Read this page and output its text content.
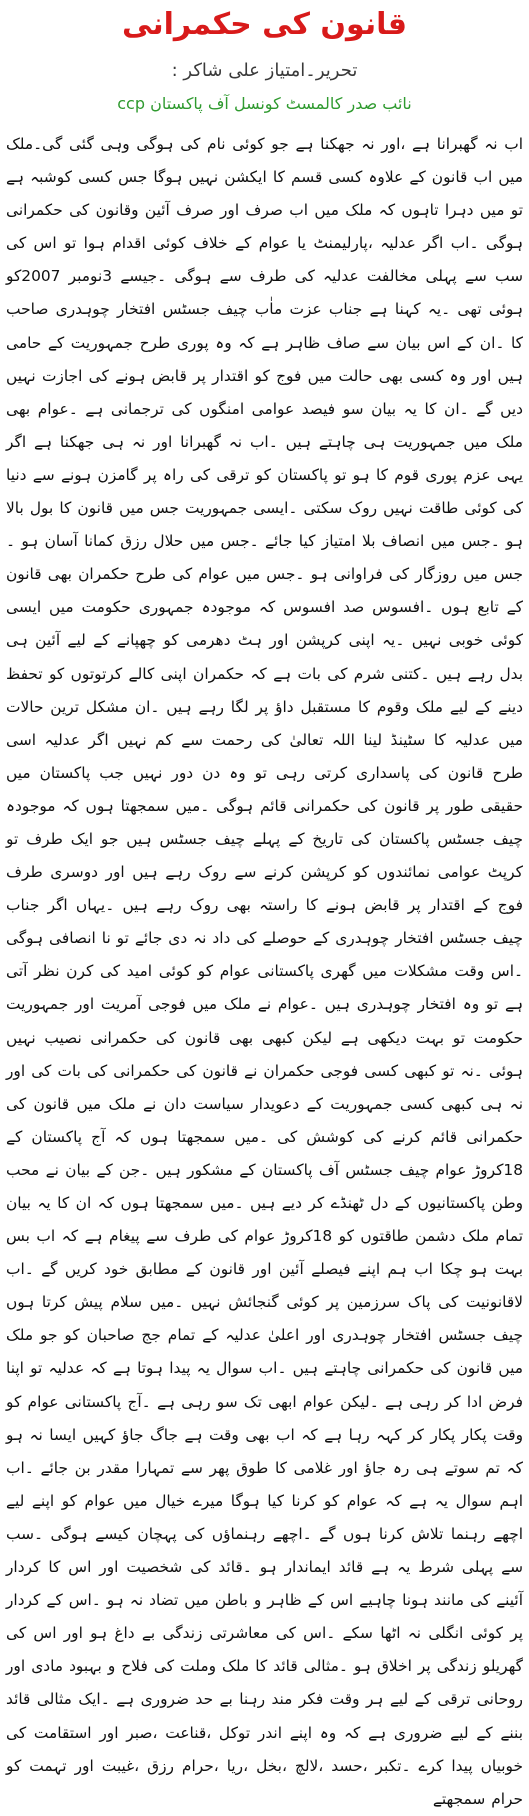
قانون کی حکمرانی
تحریر۔امتیاز علی شاکر :
نائب صدر کالمسٹ کونسل آف پاکستان ccp
اب نہ گھبرانا ہے ،اور نہ جھکنا ہے جو کوئی نام کی ہوگی وہی گئی گی۔ملک میں اب قانون کے علاوہ کسی قسم کا ایکشن نہیں ہوگا جس کسی کوشبہ ہے تو میں دہرا تاہوں کہ ملک میں اب صرف اور صرف آئین وقانون کی حکمرانی ہوگی ۔اب اگر عدلیہ ،پارلیمنٹ یا عوام کے خلاف کوئی اقدام ہوا تو اس کی سب سے پہلی مخالفت عدلیہ کی طرف سے ہوگی ۔جیسے 3نومبر 2007کو ہوئی تھی ۔یہ کہنا ہے جناب عزت ماٰب چیف جسٹس افتخار چوہدری صاحب کا ۔ان کے اس بیان سے صاف ظاہر ہے کہ وہ پوری طرح جمہوریت کے حامی ہیں اور وہ کسی بھی حالت میں فوج کو اقتدار پر قابض ہونے کی اجازت نہیں دیں گے ۔ان کا یہ بیان سو فیصد عوامی امنگوں کی ترجمانی ہے ۔عوام بھی ملک میں جمہوریت ہی چاہتے ہیں ۔اب نہ گھبرانا اور نہ ہی جھکنا ہے اگر یہی عزم پوری قوم کا ہو تو پاکستان کو ترقی کی راہ پر گامزن ہونے سے دنیا کی کوئی طاقت نہیں روک سکتی ۔ایسی جمہوریت جس میں قانون کا بول بالا ہو ۔جس میں انصاف بلا امتیاز کیا جائے ۔جس میں حلال رزق کمانا آسان ہو ۔جس میں روزگار کی فراوانی ہو ۔جس میں عوام کی طرح حکمران بھی قانون کے تابع ہوں ۔افسوس صد افسوس کہ موجودہ جمہوری حکومت میں ایسی کوئی خوبی نہیں ۔یہ اپنی کرپشن اور ہٹ دھرمی کو چھپانے کے لیے آئین ہی بدل رہے ہیں ۔کتنی شرم کی بات ہے کہ حکمران اپنی کالے کرتوتوں کو تحفظ دینے کے لیے ملک وقوم کا مستقبل داؤ پر لگا رہے ہیں ۔ان مشکل ترین حالات میں عدلیہ کا سٹینڈ لینا اللہ تعالیٰ کی رحمت سے کم نہیں اگر عدلیہ اسی طرح قانون کی پاسداری کرتی رہی تو وہ دن دور نہیں جب پاکستان میں حقیقی طور پر قانون کی حکمرانی قائم ہوگی ۔میں سمجھتا ہوں کہ موجودہ چیف جسٹس پاکستان کی تاریخ کے پہلے چیف جسٹس ہیں جو ایک طرف تو کرپٹ عوامی نمائندوں کو کرپشن کرنے سے روک رہے ہیں اور دوسری طرف فوج کے اقتدار پر قابض ہونے کا راستہ بھی روک رہے ہیں ۔یہاں اگر جناب چیف جسٹس افتخار چوہدری کے حوصلے کی داد نہ دی جائے تو نا انصافی ہوگی ۔اس وقت مشکلات میں گھری پاکستانی عوام کو کوئی امید کی کرن نظر آتی ہے تو وہ افتخار چوہدری ہیں ۔عوام نے ملک میں فوجی آمریت اور جمہوریت حکومت تو بہت دیکھی ہے لیکن کبھی بھی قانون کی حکمرانی نصیب نہیں ہوئی ۔نہ تو کبھی کسی فوجی حکمران نے قانون کی حکمرانی کی بات کی اور نہ ہی کبھی کسی جمہوریت کے دعویدار سیاست دان نے ملک میں قانون کی حکمرانی قائم کرنے کی کوشش کی ۔میں سمجھتا ہوں کہ آج پاکستان کے 18کروڑ عوام چیف جسٹس آف پاکستان کے مشکور ہیں ۔جن کے بیان نے محب وطن پاکستانیوں کے دل ٹھنڈے کر دیے ہیں ۔میں سمجھتا ہوں کہ ان کا یہ بیان تمام ملک دشمن طاقتوں کو 18کروڑ عوام کی طرف سے پیغام ہے کہ اب بس بہت ہو چکا اب ہم اپنے فیصلے آئین اور قانون کے مطابق خود کریں گے ۔اب لاقانونیت کی پاک سرزمین پر کوئی گنجائش نہیں ۔میں سلام پیش کرتا ہوں چیف جسٹس افتخار چوہدری اور اعلیٰ عدلیہ کے تمام جج صاحبان کو جو ملک میں قانون کی حکمرانی چاہتے ہیں ۔اب سوال یہ پیدا ہوتا ہے کہ عدلیہ تو اپنا فرض ادا کر رہی ہے ۔لیکن عوام ابھی تک سو رہی ہے ۔آج پاکستانی عوام کو وقت پکار پکار کر کہہ رہا ہے کہ اب بھی وقت ہے جاگ جاؤ کہیں ایسا نہ ہو کہ تم سوتے ہی رہ جاؤ اور غلامی کا طوق پھر سے تمہارا مقدر بن جائے ۔اب اہم سوال یہ ہے کہ عوام کو کرنا کیا ہوگا میرے خیال میں عوام کو اپنے لیے اچھے رہنما تلاش کرنا ہوں گے ۔اچھے رہنماؤں کی پہچان کیسے ہوگی ۔سب سے پہلی شرط یہ ہے قائد ایماندار ہو ۔قائد کی شخصیت اور اس کا کردار آئینے کی مانند ہونا چاہیے اس کے ظاہر و باطن میں تضاد نہ ہو ۔اس کے کردار پر کوئی انگلی نہ اٹھا سکے ۔اس کی معاشرتی زندگی بے داغ ہو اور اس کی گھریلو زندگی پر اخلاق ہو ۔مثالی قائد کا ملک وملت کی فلاح و بہبود مادی اور روحانی ترقی کے لیے ہر وقت فکر مند رہنا بے حد ضروری ہے ۔ایک مثالی قائد بننے کے لیے ضروری ہے کہ وہ اپنے اندر توکل ،قناعت ،صبر اور استقامت کی خوبیاں پیدا کرے ۔تکبر ،حسد ،لالچ ،بخل ،ریا ،حرام رزق ،غیبت اور تہمت کو حرام سمجھتے
